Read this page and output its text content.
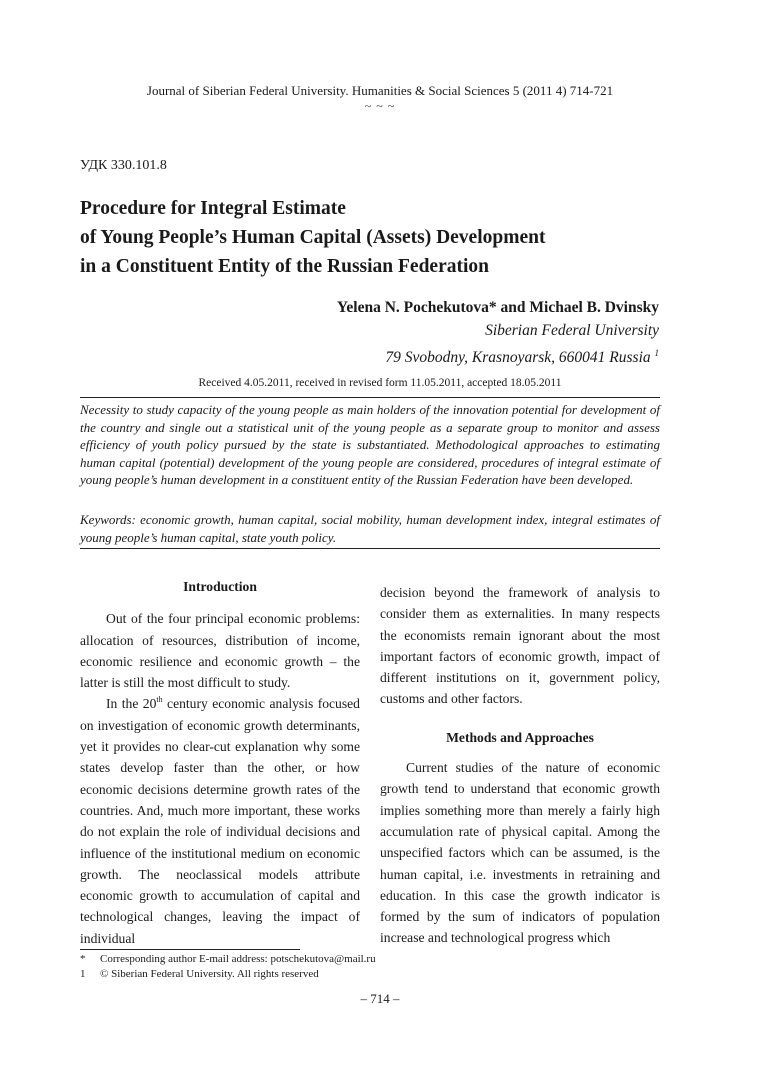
Journal of Siberian Federal University. Humanities & Social Sciences 5 (2011 4) 714-721
~ ~ ~
УДК 330.101.8
Procedure for Integral Estimate
of Young People’s Human Capital (Assets) Development
in a Constituent Entity of the Russian Federation
Yelena N. Pochekutova* and Michael B. Dvinsky
Siberian Federal University
79 Svobodny, Krasnoyarsk, 660041 Russia $^1$
Received 4.05.2011, received in revised form 11.05.2011, accepted 18.05.2011

Necessity to study capacity of the young people as main holders of the innovation potential for development of the country and single out a statistical unit of the young people as a separate group to monitor and assess efficiency of youth policy pursued by the state is substantiated. Methodological approaches to estimating human capital (potential) development of the young people are considered, procedures of integral estimate of young people’s human development in a constituent entity of the Russian Federation have been developed.

Keywords: economic growth, human capital, social mobility, human development index, integral estimates of young people’s human capital, state youth policy.

Introduction

Out of the four principal economic problems: allocation of resources, distribution of income, economic resilience and economic growth – the latter is still the most difficult to study.

In the 20th century economic analysis focused on investigation of economic growth determinants, yet it provides no clear-cut explanation why some states develop faster than the other, or how economic decisions determine growth rates of the countries. And, much more important, these works do not explain the role of individual decisions and influence of the institutional medium on economic growth. The neoclassical models attribute economic growth to accumulation of capital and technological changes, leaving the impact of individual

decision beyond the framework of analysis to consider them as externalities. In many respects the economists remain ignorant about the most important factors of economic growth, impact of different institutions on it, government policy, customs and other factors.

Methods and Approaches

Current studies of the nature of economic growth tend to understand that economic growth implies something more than merely a fairly high accumulation rate of physical capital. Among the unspecified factors which can be assumed, is the human capital, i.e. investments in retraining and education. In this case the growth indicator is formed by the sum of indicators of population increase and technological progress which

*	Corresponding author E-mail address: potschekutova@mail.ru
1	© Siberian Federal University. All rights reserved
– 714 –
